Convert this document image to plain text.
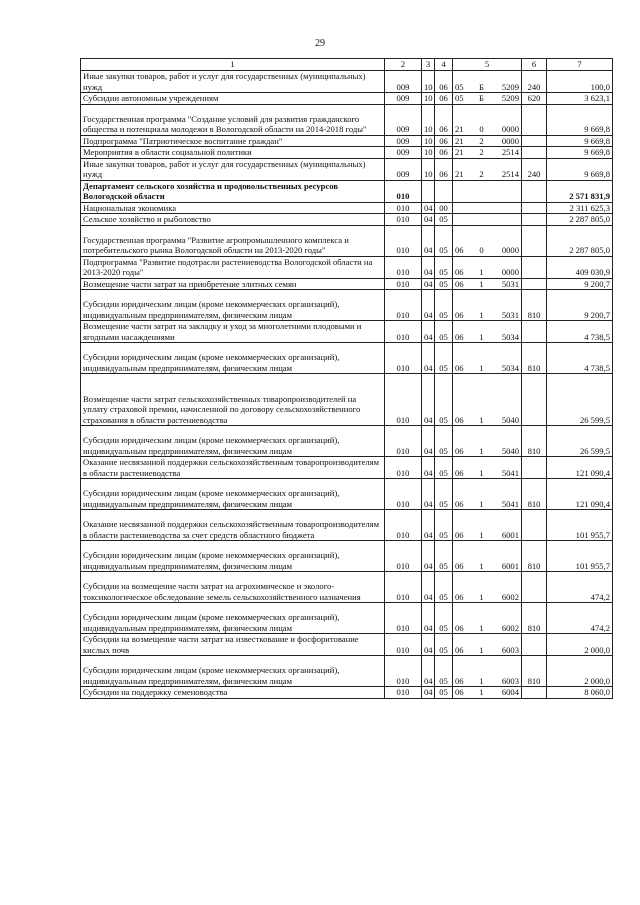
29
1	2	3	4	5			6	7
Иные закупки товаров, работ и услуг для государственных (муниципальных) нужд	009	10	06	05	Б	5209	240	100,0
Субсидии автономным учреждениям	009	10	06	05	Б	5209	620	3 623,1
Государственная программа "Создание условий для развития гражданского общества и потенциала молодежи в Вологодской области на 2014-2018 годы"	009	10	06	21	0	0000		9 669,8
Подпрограмма "Патриотическое воспитание граждан"	009	10	06	21	2	0000		9 669,8
Мероприятия в области социальной политики	009	10	06	21	2	2514		9 669,8
Иные закупки товаров, работ и услуг для государственных (муниципальных) нужд	009	10	06	21	2	2514	240	9 669,8
Департамент сельского хозяйства и продовольственных ресурсов Вологодской области	010							2 571 831,9
Национальная экономика	010	04	00					2 311 625,3
Сельское хозяйство и рыболовство	010	04	05					2 287 805,0
Государственная программа "Развитие агропромышленного комплекса и потребительского рынка Вологодской области на 2013-2020 годы"	010	04	05	06	0	0000		2 287 805,0
Подпрограмма "Развитие подотрасли растениеводства Вологодской области на 2013-2020 годы"	010	04	05	06	1	0000		409 030,9
Возмещение части затрат на приобретение элитных семян	010	04	05	06	1	5031		9 200,7
Субсидии юридическим лицам (кроме некоммерческих организаций), индивидуальным предпринимателям, физическим лицам	010	04	05	06	1	5031	810	9 200,7
Возмещение части затрат на закладку и уход за многолетними плодовыми и ягодными насаждениями	010	04	05	06	1	5034		4 738,5
Субсидии юридическим лицам (кроме некоммерческих организаций), индивидуальным предпринимателям, физическим лицам	010	04	05	06	1	5034	810	4 738,5
Возмещение части затрат сельскохозяйственных товаропроизводителей на уплату страховой премии, начисленной по договору сельскохозяйственного страхования в области растениеводства	010	04	05	06	1	5040		26 599,5
Субсидии юридическим лицам (кроме некоммерческих организаций), индивидуальным предпринимателям, физическим лицам	010	04	05	06	1	5040	810	26 599,5
Оказание несвязанной поддержки сельскохозяйственным товаропроизводителям в области растениеводства	010	04	05	06	1	5041		121 090,4
Субсидии юридическим лицам (кроме некоммерческих организаций), индивидуальным предпринимателям, физическим лицам	010	04	05	06	1	5041	810	121 090,4
Оказание несвязанной поддержки сельскохозяйственным товаропроизводителям в области растениеводства за счет средств областного бюджета	010	04	05	06	1	6001		101 955,7
Субсидии юридическим лицам (кроме некоммерческих организаций), индивидуальным предпринимателям, физическим лицам	010	04	05	06	1	6001	810	101 955,7
Субсидии на возмещение части затрат на агрохимическое и эколого-токсикологическое обследование земель сельскохозяйственного назначения	010	04	05	06	1	6002		474,2
Субсидии юридическим лицам (кроме некоммерческих организаций), индивидуальным предпринимателям, физическим лицам	010	04	05	06	1	6002	810	474,2
Субсидии на возмещение части затрат на известкование и фосфоритование кислых почв	010	04	05	06	1	6003		2 000,0
Субсидии юридическим лицам (кроме некоммерческих организаций), индивидуальным предпринимателям, физическим лицам	010	04	05	06	1	6003	810	2 000,0
Субсидии на поддержку семеноводства	010	04	05	06	1	6004		8 060,0
